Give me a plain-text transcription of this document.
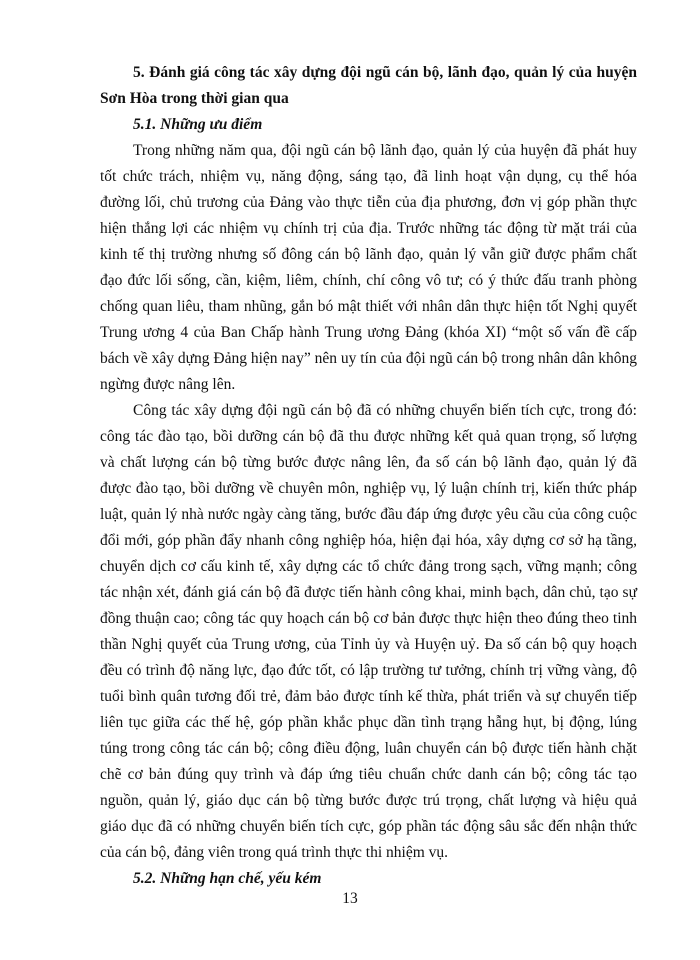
5. Đánh giá công tác xây dựng đội ngũ cán bộ, lãnh đạo, quản lý của huyện Sơn Hòa trong thời gian qua

5.1. Những ưu điểm

Trong những năm qua, đội ngũ cán bộ lãnh đạo, quản lý của huyện đã phát huy tốt chức trách, nhiệm vụ, năng động, sáng tạo, đã linh hoạt vận dụng, cụ thể hóa đường lối, chủ trương của Đảng vào thực tiễn của địa phương, đơn vị góp phần thực hiện thắng lợi các nhiệm vụ chính trị của địa. Trước những tác động từ mặt trái của kinh tế thị trường nhưng số đông cán bộ lãnh đạo, quản lý vẫn giữ được phẩm chất đạo đức lối sống, cần, kiệm, liêm, chính, chí công vô tư; có ý thức đấu tranh phòng chống quan liêu, tham nhũng, gắn bó mật thiết với nhân dân thực hiện tốt Nghị quyết Trung ương 4 của Ban Chấp hành Trung ương Đảng (khóa XI) “một số vấn đề cấp bách về xây dựng Đảng hiện nay” nên uy tín của đội ngũ cán bộ trong nhân dân không ngừng được nâng lên.

Công tác xây dựng đội ngũ cán bộ đã có những chuyển biến tích cực, trong đó: công tác đào tạo, bồi dưỡng cán bộ đã thu được những kết quả quan trọng, số lượng và chất lượng cán bộ từng bước được nâng lên, đa số cán bộ lãnh đạo, quản lý đã được đào tạo, bồi dưỡng về chuyên môn, nghiệp vụ, lý luận chính trị, kiến thức pháp luật, quản lý nhà nước ngày càng tăng, bước đầu đáp ứng được yêu cầu của công cuộc đổi mới, góp phần đẩy nhanh công nghiệp hóa, hiện đại hóa, xây dựng cơ sở hạ tầng, chuyển dịch cơ cấu kinh tế, xây dựng các tổ chức đảng trong sạch, vững mạnh; công tác nhận xét, đánh giá cán bộ đã được tiến hành công khai, minh bạch, dân chủ, tạo sự đồng thuận cao; công tác quy hoạch cán bộ cơ bản được thực hiện theo đúng theo tinh thần Nghị quyết của Trung ương, của Tỉnh ủy và Huyện uỷ. Đa số cán bộ quy hoạch đều có trình độ năng lực, đạo đức tốt, có lập trường tư tưởng, chính trị vững vàng, độ tuổi bình quân tương đối trẻ, đảm bảo được tính kế thừa, phát triển và sự chuyển tiếp liên tục giữa các thế hệ, góp phần khắc phục dần tình trạng hẫng hụt, bị động, lúng túng trong công tác cán bộ; công điều động, luân chuyển cán bộ được tiến hành chặt chẽ cơ bản đúng quy trình và đáp ứng tiêu chuẩn chức danh cán bộ; công tác tạo nguồn, quản lý, giáo dục cán bộ từng bước được trú trọng, chất lượng và hiệu quả giáo dục đã có những chuyển biến tích cực, góp phần tác động sâu sắc đến nhận thức của cán bộ, đảng viên trong quá trình thực thi nhiệm vụ.

5.2. Những hạn chế, yếu kém

13
